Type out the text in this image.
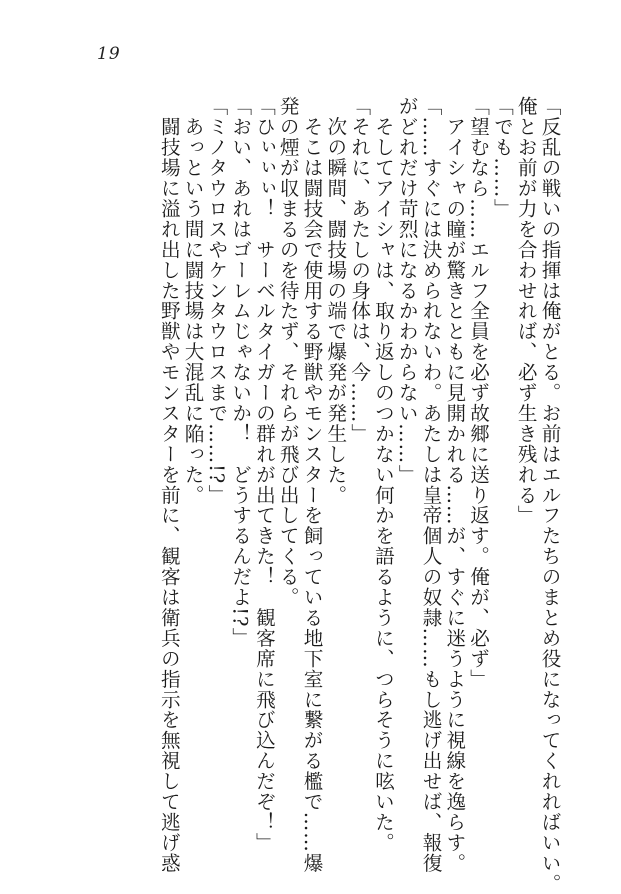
19
「反乱の戦いの指揮は俺がとる。お前はエルフたちのまとめ役になってくれればいい。
俺とお前が力を合わせれば、必ず生き残れる」
「でも……」
「望むなら……エルフ全員を必ず故郷に送り返す。俺が、必ず」
　アイシャの瞳が驚きとともに見開かれる……が、すぐに迷うように視線を逸らす。
「……すぐには決められないわ。あたしは皇帝個人の奴隷……もし逃げ出せば、報復
がどれだけ苛烈になるかわからない……」
　そしてアイシャは、取り返しのつかない何かを語るように、つらそうに呟いた。
「それに、あたしの身体は、今……」
　次の瞬間、闘技場の端で爆発が発生した。
　そこは闘技会で使用する野獣やモンスターを飼っている地下室に繋がる檻で……爆
発の煙が収まるのを待たず、それらが飛び出してくる。
「ひぃぃぃ！　サーベルタイガーの群れが出てきた！　観客席に飛び込んだぞ！」
「おい、あれはゴーレムじゃないか！　どうするんだよ!?」
「ミノタウロスやケンタウロスまで……!?」
　あっという間に闘技場は大混乱に陥った。
　闘技場に溢れ出した野獣やモンスターを前に、観客は衛兵の指示を無視して逃げ惑
